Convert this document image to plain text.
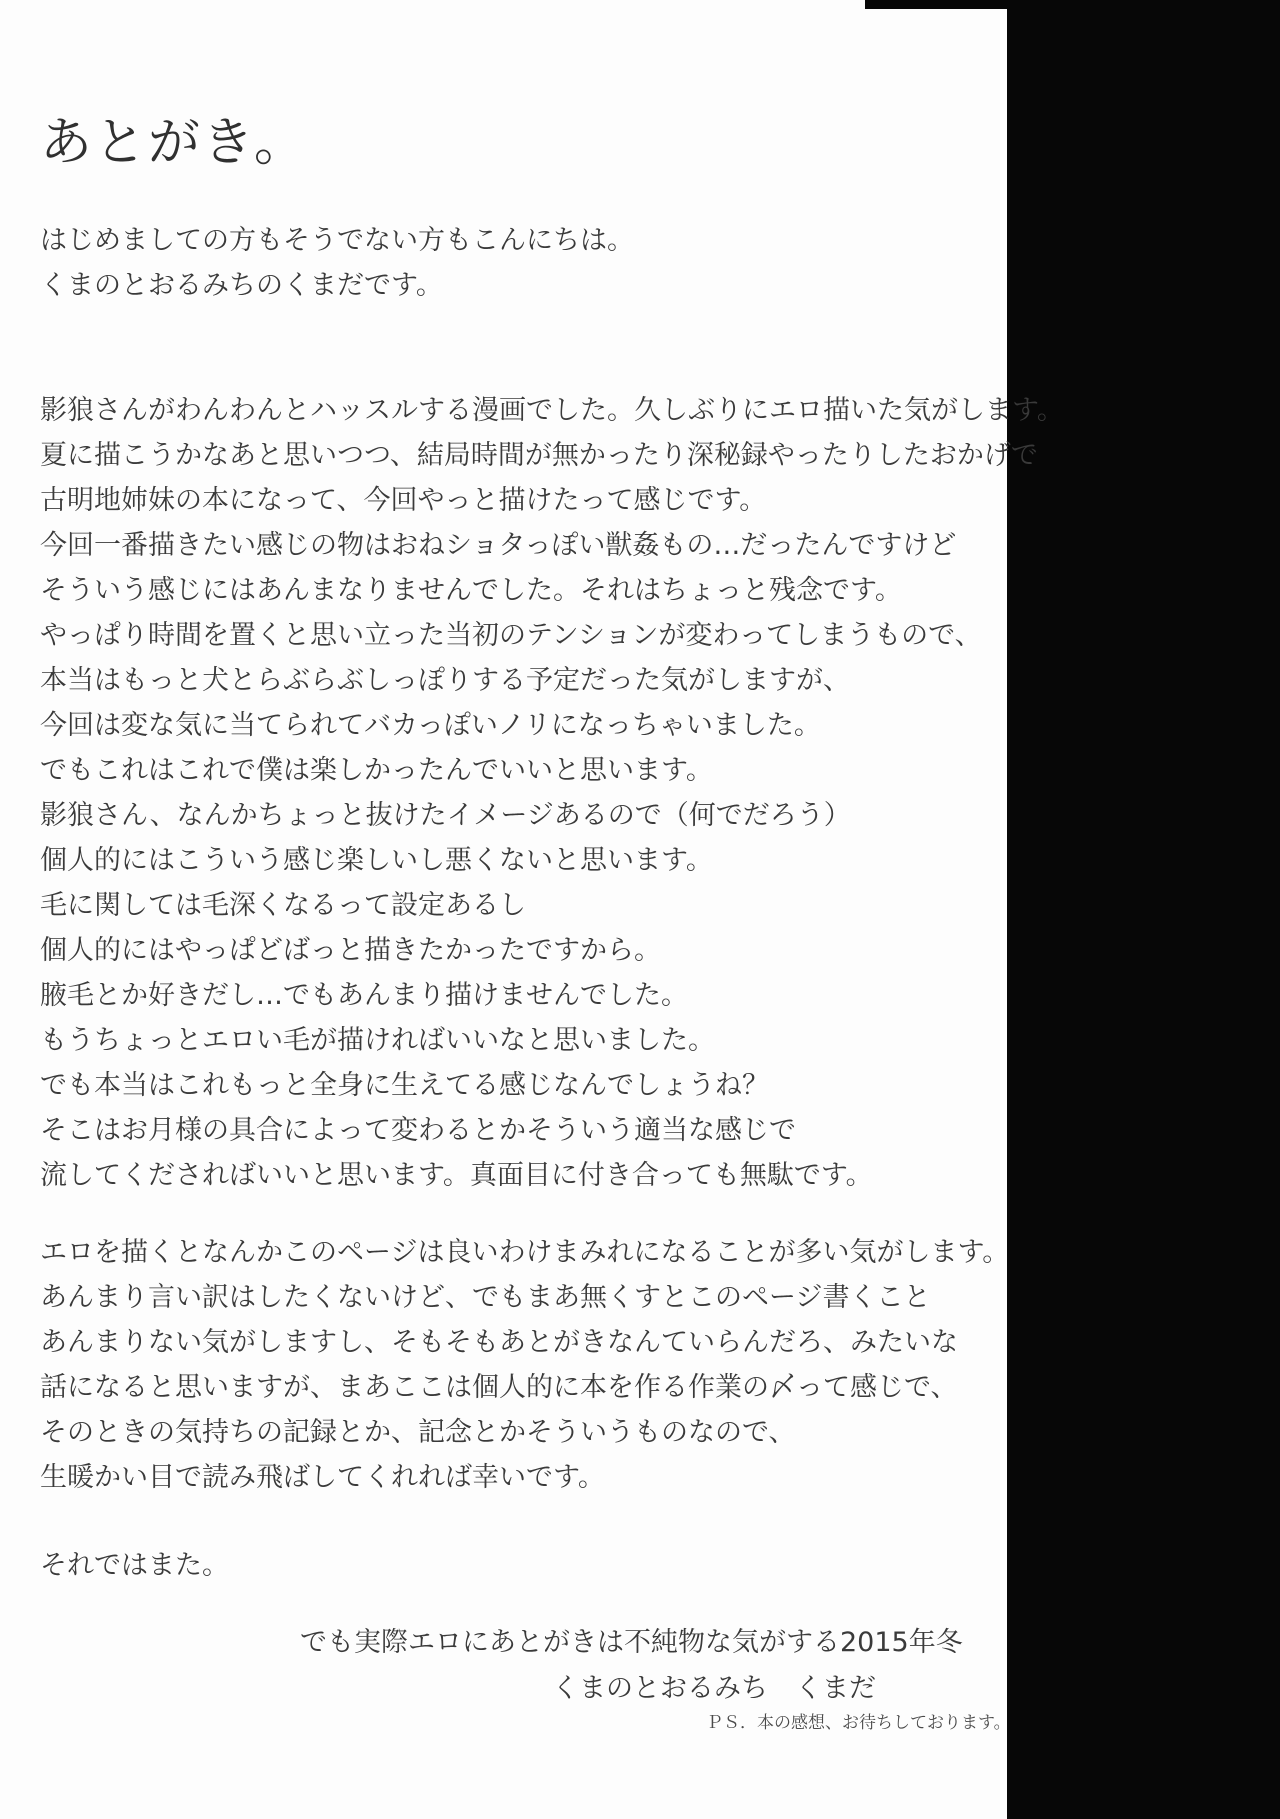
あとがき。
はじめましての方もそうでない方もこんにちは。
くまのとおるみちのくまだです。
影狼さんがわんわんとハッスルする漫画でした。久しぶりにエロ描いた気がします。
夏に描こうかなあと思いつつ、結局時間が無かったり深秘録やったりしたおかげで
古明地姉妹の本になって、今回やっと描けたって感じです。
今回一番描きたい感じの物はおねショタっぽい獣姦もの…だったんですけど
そういう感じにはあんまなりませんでした。それはちょっと残念です。
やっぱり時間を置くと思い立った当初のテンションが変わってしまうもので、
本当はもっと犬とらぶらぶしっぽりする予定だった気がしますが、
今回は変な気に当てられてバカっぽいノリになっちゃいました。
でもこれはこれで僕は楽しかったんでいいと思います。
影狼さん、なんかちょっと抜けたイメージあるので（何でだろう）
個人的にはこういう感じ楽しいし悪くないと思います。
毛に関しては毛深くなるって設定あるし
個人的にはやっぱどばっと描きたかったですから。
腋毛とか好きだし…でもあんまり描けませんでした。
もうちょっとエロい毛が描ければいいなと思いました。
でも本当はこれもっと全身に生えてる感じなんでしょうね？
そこはお月様の具合によって変わるとかそういう適当な感じで
流してくださればいいと思います。真面目に付き合っても無駄です。
エロを描くとなんかこのページは良いわけまみれになることが多い気がします。
あんまり言い訳はしたくないけど、でもまあ無くすとこのページ書くこと
あんまりない気がしますし、そもそもあとがきなんていらんだろ、みたいな
話になると思いますが、まあここは個人的に本を作る作業の〆って感じで、
そのときの気持ちの記録とか、記念とかそういうものなので、
生暖かい目で読み飛ばしてくれれば幸いです。
それではまた。
でも実際エロにあとがきは不純物な気がする2015年冬
くまのとおるみち　くまだ
ＰＳ．本の感想、お待ちしております。
